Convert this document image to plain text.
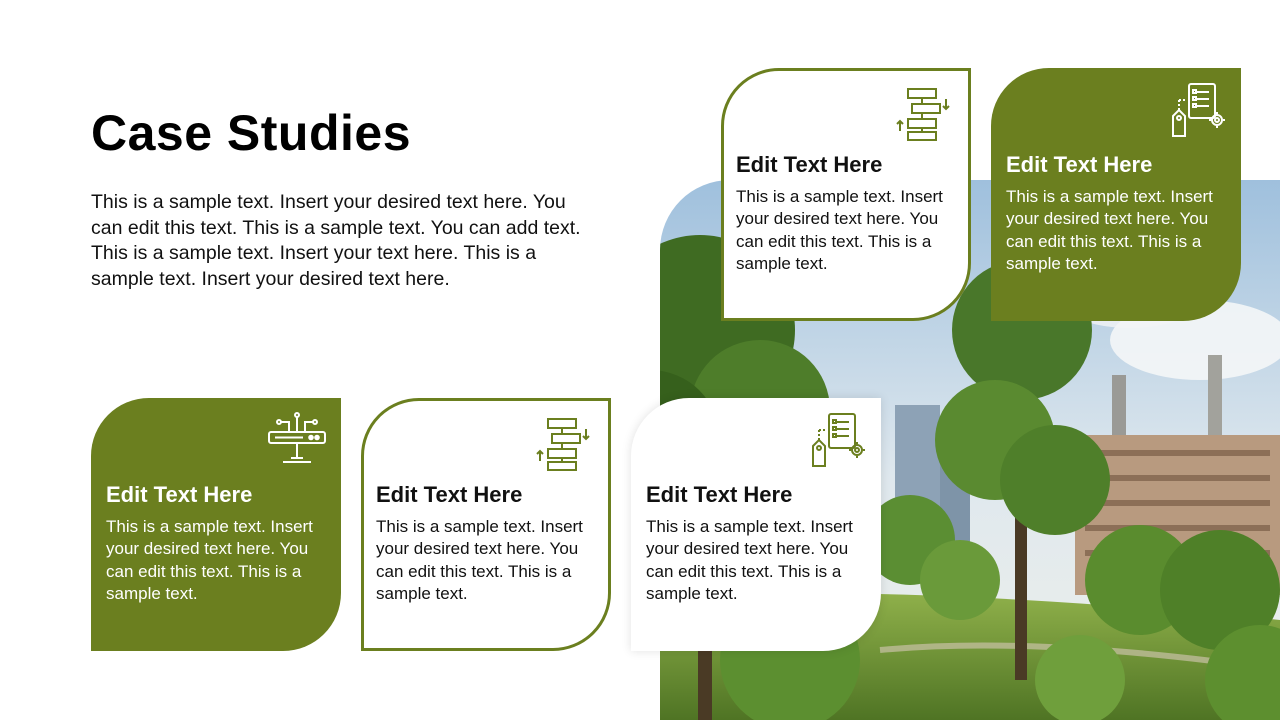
Case Studies

This is a sample text. Insert your desired text here. You can edit this text. This is a sample text. You can add text. This is a sample text. Insert your text here. This is a sample text. Insert your desired text here.

Edit Text Here

This is a sample text. Insert your desired text here. You can edit this text. This is a sample text.

Edit Text Here

This is a sample text. Insert your desired text here. You can edit this text. This is a sample text.

Edit Text Here

This is a sample text. Insert your desired text here. You can edit this text. This is a sample text.

Edit Text Here

This is a sample text. Insert your desired text here. You can edit this text. This is a sample text.

Edit Text Here

This is a sample text. Insert your desired text here. You can edit this text. This is a sample text.
